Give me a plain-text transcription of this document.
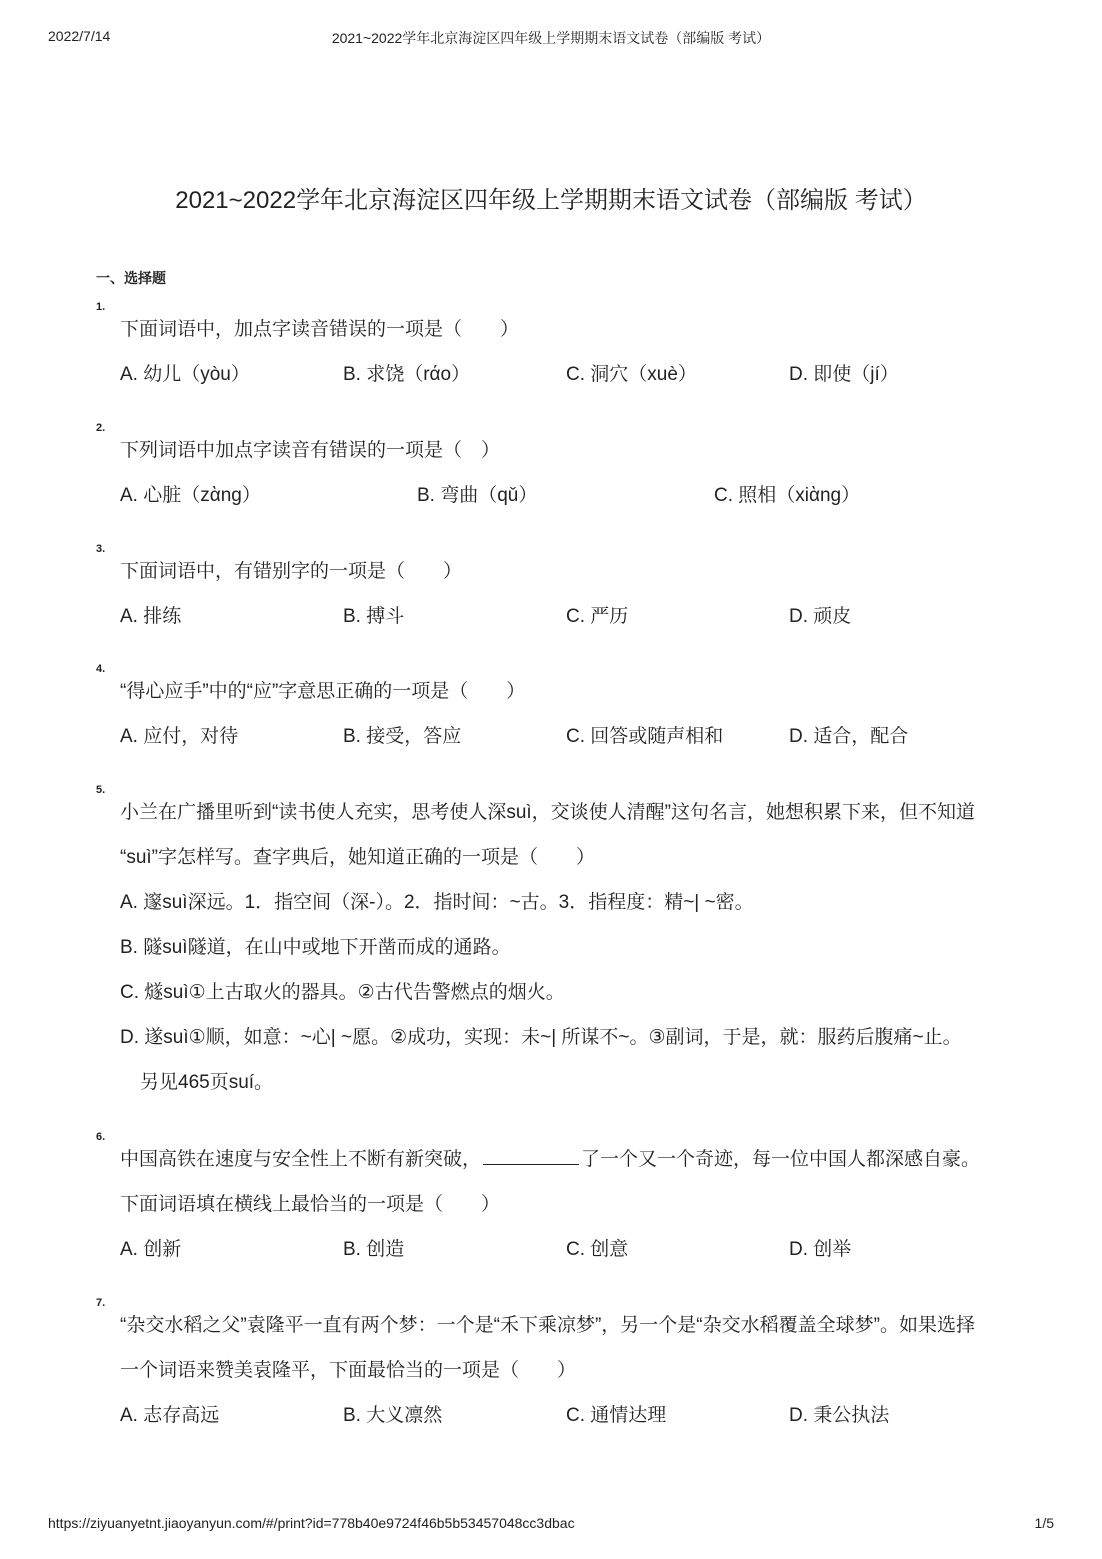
2022/7/14	2021~2022学年北京海淀区四年级上学期期末语文试卷（部编版 考试）
2021~2022学年北京海淀区四年级上学期期末语文试卷（部编版 考试）
一、选择题
1.
下面词语中，加点字读音错误的一项是（　　）
A. 幼儿（yòu）	B. 求饶（rάo）	C. 洞穴（xuè）	D. 即使（jí）
2.
下列词语中加点字读音有错误的一项是（　）
A. 心脏（zὰng）	B. 弯曲（qǔ）	C. 照相（xiὰng）
3.
下面词语中，有错别字的一项是（　　）
A. 排练	B. 搏斗	C. 严历	D. 顽皮
4.
“得心应手”中的“应”字意思正确的一项是（　　）
A. 应付，对待	B. 接受，答应	C. 回答或随声相和	D. 适合，配合
5.
小兰在广播里听到“读书使人充实，思考使人深suì，交谈使人清醒”这句名言，她想积累下来，但不知道
“suì”字怎样写。查字典后，她知道正确的一项是（　　）
A. 邃suì深远。1．指空间（﻿深-）。2．指时间：~古。3．指程度：精~| ~密。
B. 隧suì隧道，在山中或地下开凿而成的通路。
C. 燧suì①上古取火的器具。②古代告警燃点的烟火。
D. 遂suì①顺，如意：~心| ~愿。②成功，实现：未~| 所谋不~。③副词，于是，就：服药后腹痛~止。
另见465页suí。
6.
中国高铁在速度与安全性上不断有新突破，	了一个又一个奇迹，每一位中国人都深感自豪。
下面词语填在横线上最恰当的一项是（　　）
A. 创新	B. 创造	C. 创意	D. 创举
7.
“杂交水稻之父”袁隆平一直有两个梦：一个是“禾下乘凉梦”，另一个是“杂交水稻覆盖全球梦”。如果选择
一个词语来赞美袁隆平，下面最恰当的一项是（　　）
A. 志存高远	B. 大义凛然	C. 通情达理	D. 秉公执法
https://ziyuanyetnt.jiaoyanyun.com/#/print?id=778b40e9724f46b5b53457048cc3dbac	1/5
